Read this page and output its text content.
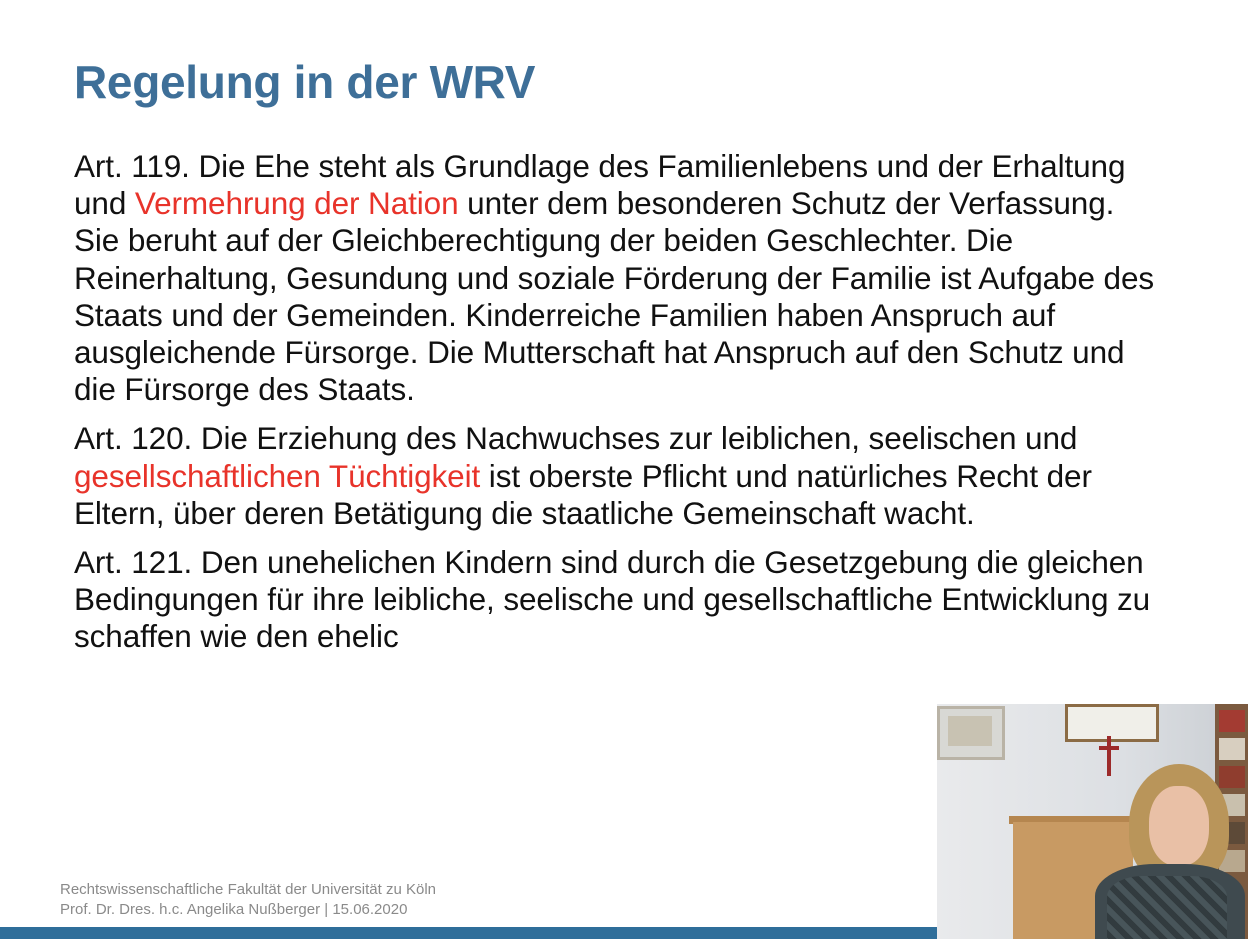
Regelung in der WRV

Art. 119. Die Ehe steht als Grundlage des Familienlebens und der Erhaltung und Vermehrung der Nation unter dem besonderen Schutz der Verfassung. Sie beruht auf der Gleichberechtigung der beiden Geschlechter. Die Reinerhaltung, Gesundung und soziale Förderung der Familie ist Aufgabe des Staats und der Gemeinden. Kinderreiche Familien haben Anspruch auf ausgleichende Fürsorge. Die Mutterschaft hat Anspruch auf den Schutz und die Fürsorge des Staats.

Art. 120. Die Erziehung des Nachwuchses zur leiblichen, seelischen und gesellschaftlichen Tüchtigkeit ist oberste Pflicht und natürliches Recht der Eltern, über deren Betätigung die staatliche Gemeinschaft wacht.

Art. 121. Den unehelichen Kindern sind durch die Gesetzgebung die gleichen Bedingungen für ihre leibliche, seelische und gesellschaftliche Entwicklung zu schaffen wie den ehelic

Rechtswissenschaftliche Fakultät der Universität zu Köln
Prof. Dr. Dres. h.c. Angelika Nußberger | 15.06.2020
